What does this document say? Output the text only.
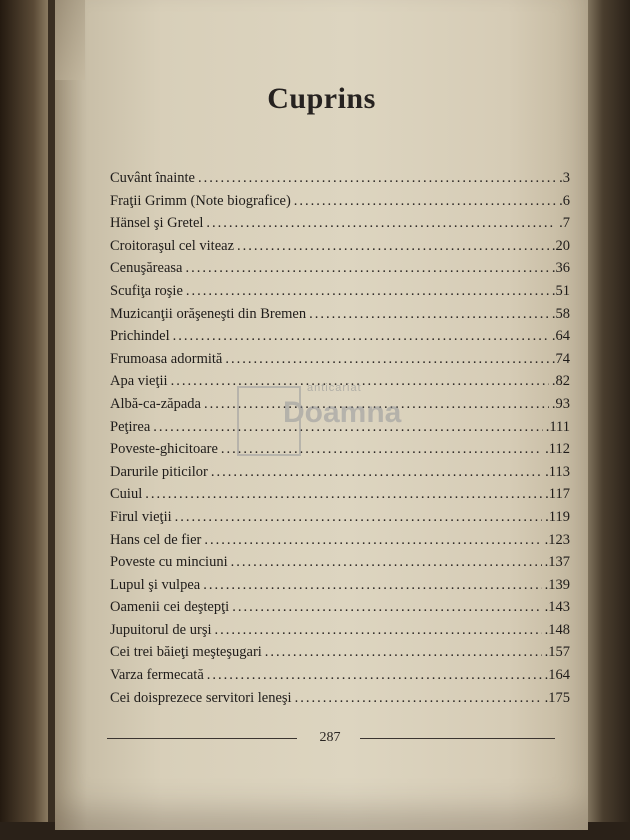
Cuprins
Cuvânt înainte .....	.3
Fraţii Grimm (Note biografice) .....	.6
Hänsel şi Gretel .....	.7
Croitoraşul cel viteaz .....	.20
Cenuşăreasa .....	.36
Scufiţa roşie .....	.51
Muzicanţii orăşeneşti din Bremen .....	.58
Prichindel .....	.64
Frumoasa adormită .....	.74
Apa vieţii .....	.82
Albă-ca-zăpada .....	.93
Peţirea .....	.111
Poveste-ghicitoare .....	.112
Darurile piticilor .....	.113
Cuiul .....	.117
Firul vieţii .....	.119
Hans cel de fier .....	.123
Poveste cu minciuni .....	.137
Lupul şi vulpea .....	.139
Oamenii cei deştepţi .....	.143
Jupuitorul de urşi .....	.148
Cei trei băieţi meşteşugari .....	.157
Varza fermecată .....	.164
Cei doisprezece servitori leneşi .....	.175
anticariat
Doamna
287
